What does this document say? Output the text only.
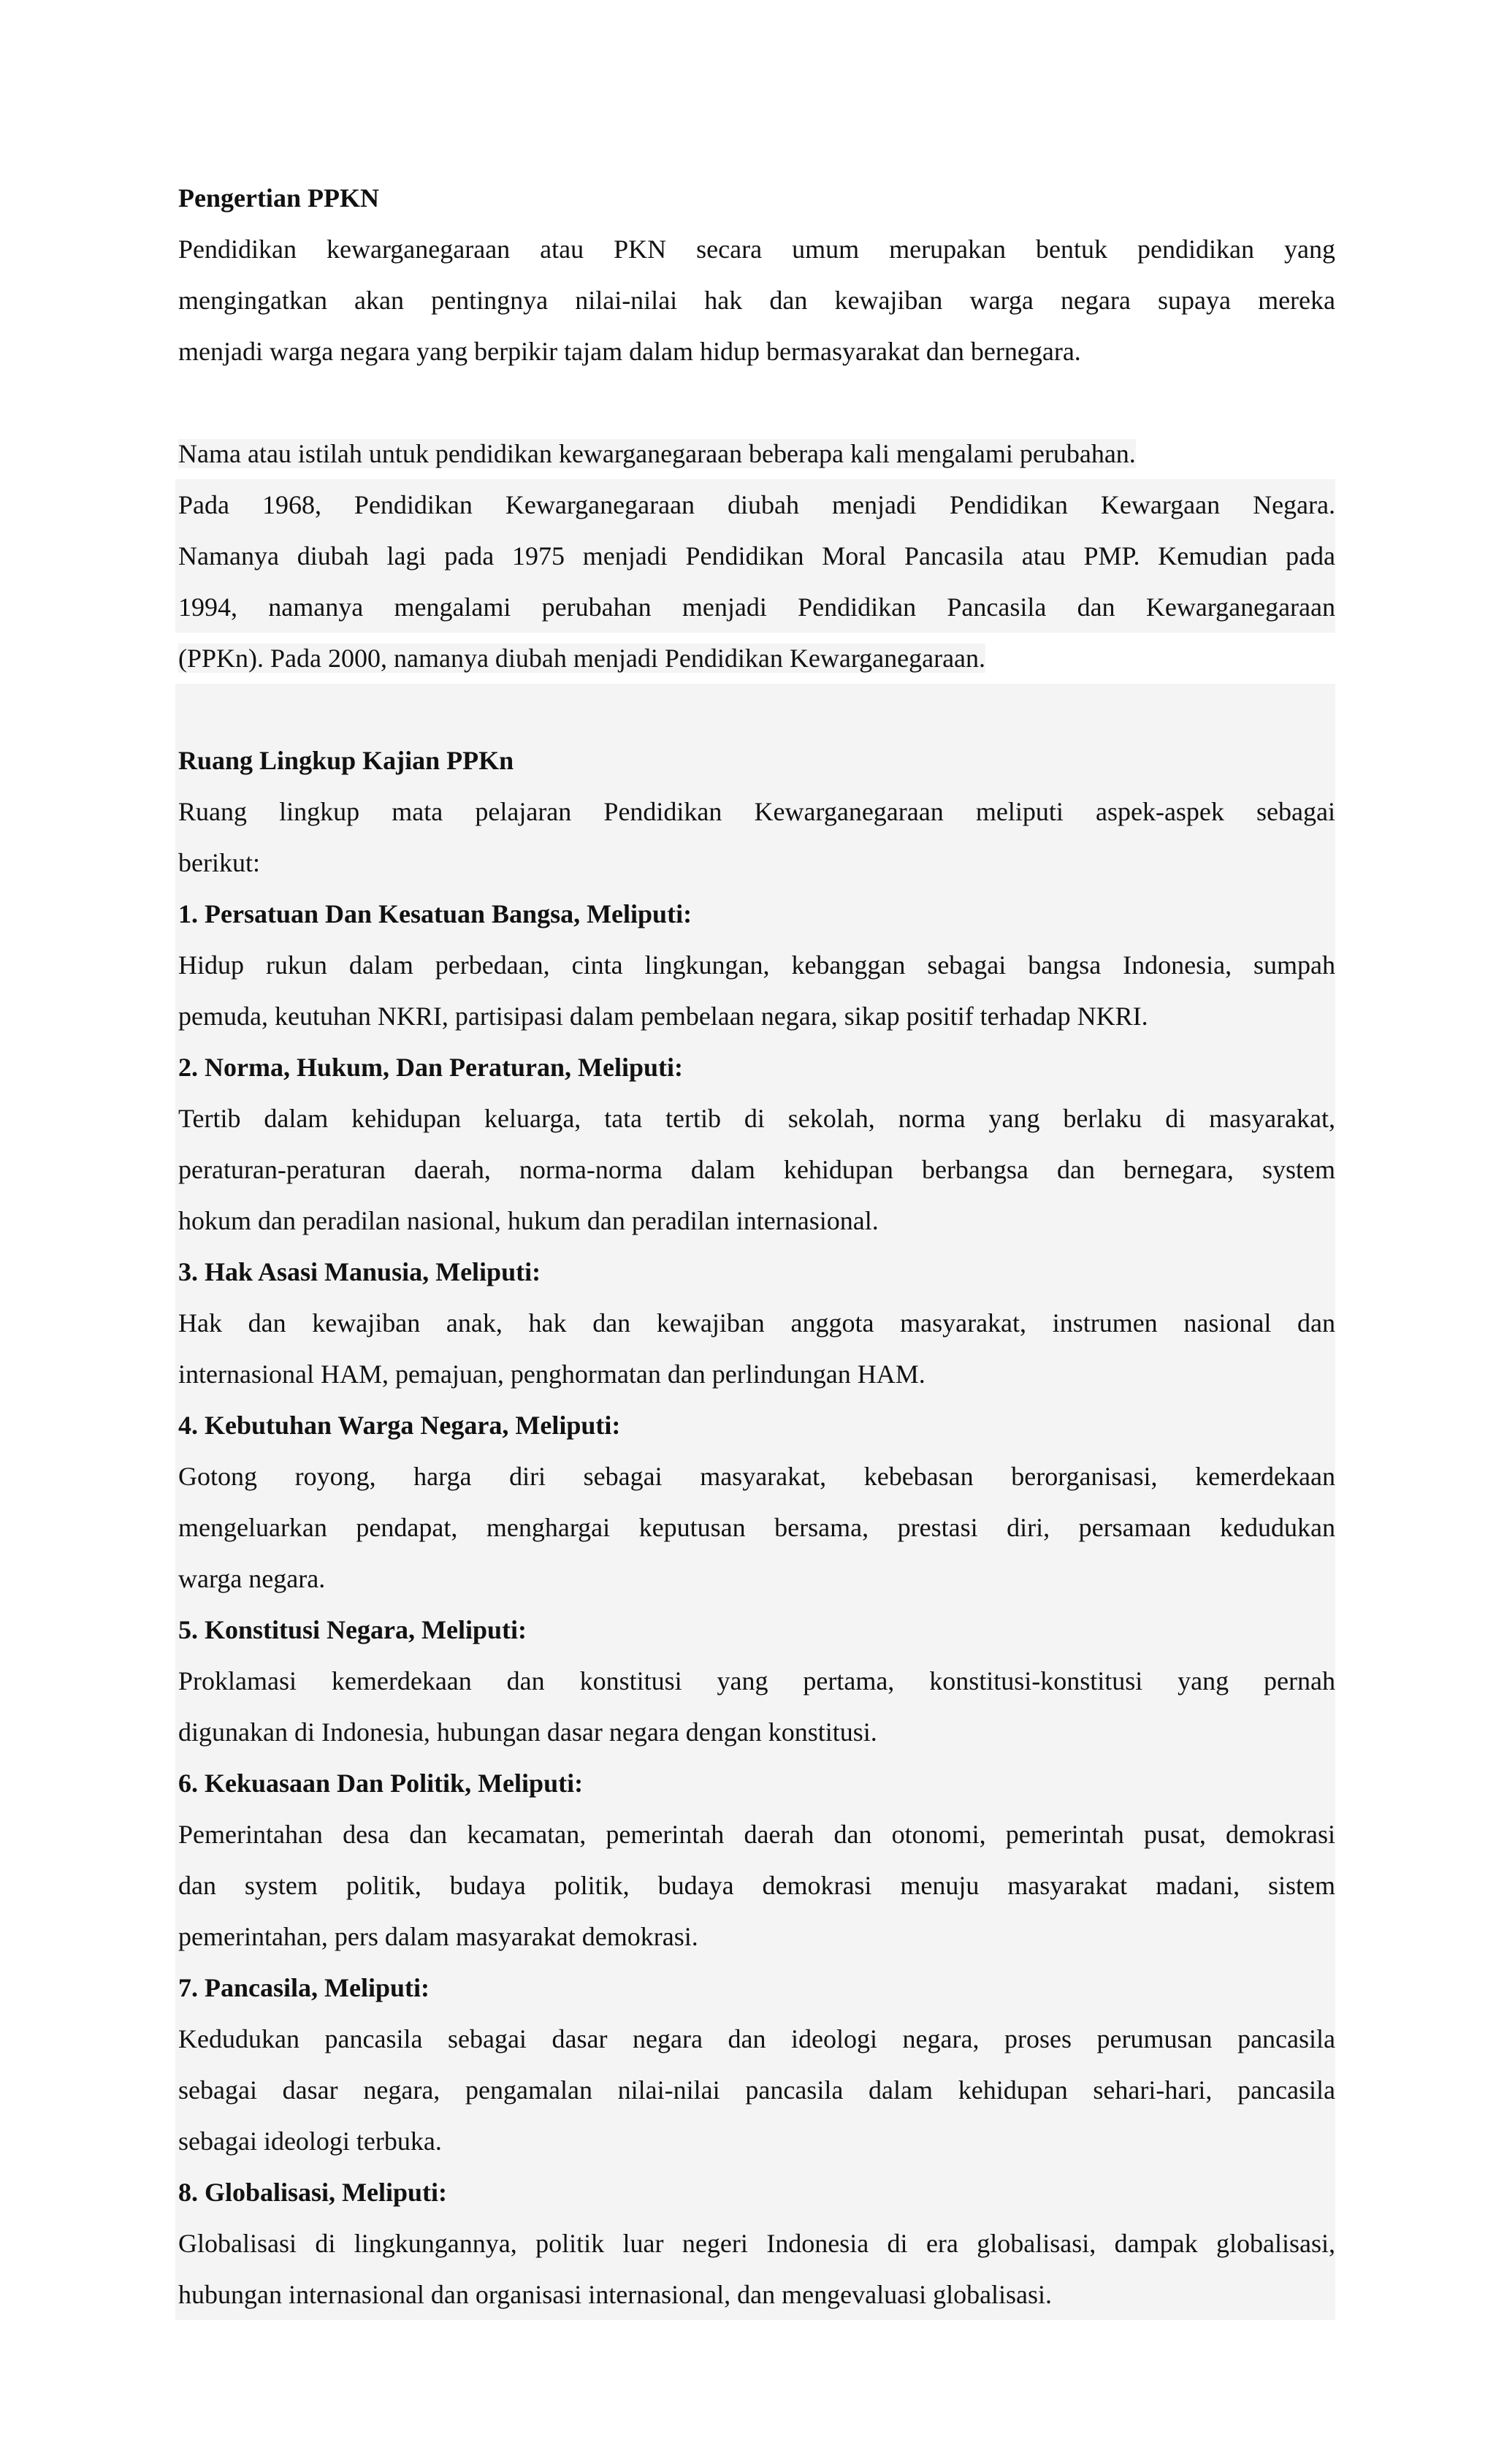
Pengertian PPKN
Pendidikan kewarganegaraan atau PKN secara umum merupakan bentuk pendidikan yang
mengingatkan akan pentingnya nilai-nilai hak dan kewajiban warga negara supaya mereka
menjadi warga negara yang berpikir tajam dalam hidup bermasyarakat dan bernegara.
Nama atau istilah untuk pendidikan kewarganegaraan beberapa kali mengalami perubahan.
Pada 1968, Pendidikan Kewarganegaraan diubah menjadi Pendidikan Kewargaan Negara.
Namanya diubah lagi pada 1975 menjadi Pendidikan Moral Pancasila atau PMP. Kemudian pada
1994, namanya mengalami perubahan menjadi Pendidikan Pancasila dan Kewarganegaraan
(PPKn). Pada 2000, namanya diubah menjadi Pendidikan Kewarganegaraan.
Ruang Lingkup Kajian PPKn
Ruang lingkup mata pelajaran Pendidikan Kewarganegaraan meliputi aspek-aspek sebagai
berikut:
1. Persatuan Dan Kesatuan Bangsa, Meliputi:
Hidup rukun dalam perbedaan, cinta lingkungan, kebanggan sebagai bangsa Indonesia, sumpah
pemuda, keutuhan NKRI, partisipasi dalam pembelaan negara, sikap positif terhadap NKRI.
2. Norma, Hukum, Dan Peraturan, Meliputi:
Tertib dalam kehidupan keluarga, tata tertib di sekolah, norma yang berlaku di masyarakat,
peraturan-peraturan daerah, norma-norma dalam kehidupan berbangsa dan bernegara, system
hokum dan peradilan nasional, hukum dan peradilan internasional.
3. Hak Asasi Manusia, Meliputi:
Hak dan kewajiban anak, hak dan kewajiban anggota masyarakat, instrumen nasional dan
internasional HAM, pemajuan, penghormatan dan perlindungan HAM.
4. Kebutuhan Warga Negara, Meliputi:
Gotong royong, harga diri sebagai masyarakat, kebebasan berorganisasi, kemerdekaan
mengeluarkan pendapat, menghargai keputusan bersama, prestasi diri, persamaan kedudukan
warga negara.
5. Konstitusi Negara, Meliputi:
Proklamasi kemerdekaan dan konstitusi yang pertama, konstitusi-konstitusi yang pernah
digunakan di Indonesia, hubungan dasar negara dengan konstitusi.
6. Kekuasaan Dan Politik, Meliputi:
Pemerintahan desa dan kecamatan, pemerintah daerah dan otonomi, pemerintah pusat, demokrasi
dan system politik, budaya politik, budaya demokrasi menuju masyarakat madani, sistem
pemerintahan, pers dalam masyarakat demokrasi.
7. Pancasila, Meliputi:
Kedudukan pancasila sebagai dasar negara dan ideologi negara, proses perumusan pancasila
sebagai dasar negara, pengamalan nilai-nilai pancasila dalam kehidupan sehari-hari, pancasila
sebagai ideologi terbuka.
8. Globalisasi, Meliputi:
Globalisasi di lingkungannya, politik luar negeri Indonesia di era globalisasi, dampak globalisasi,
hubungan internasional dan organisasi internasional, dan mengevaluasi globalisasi.
